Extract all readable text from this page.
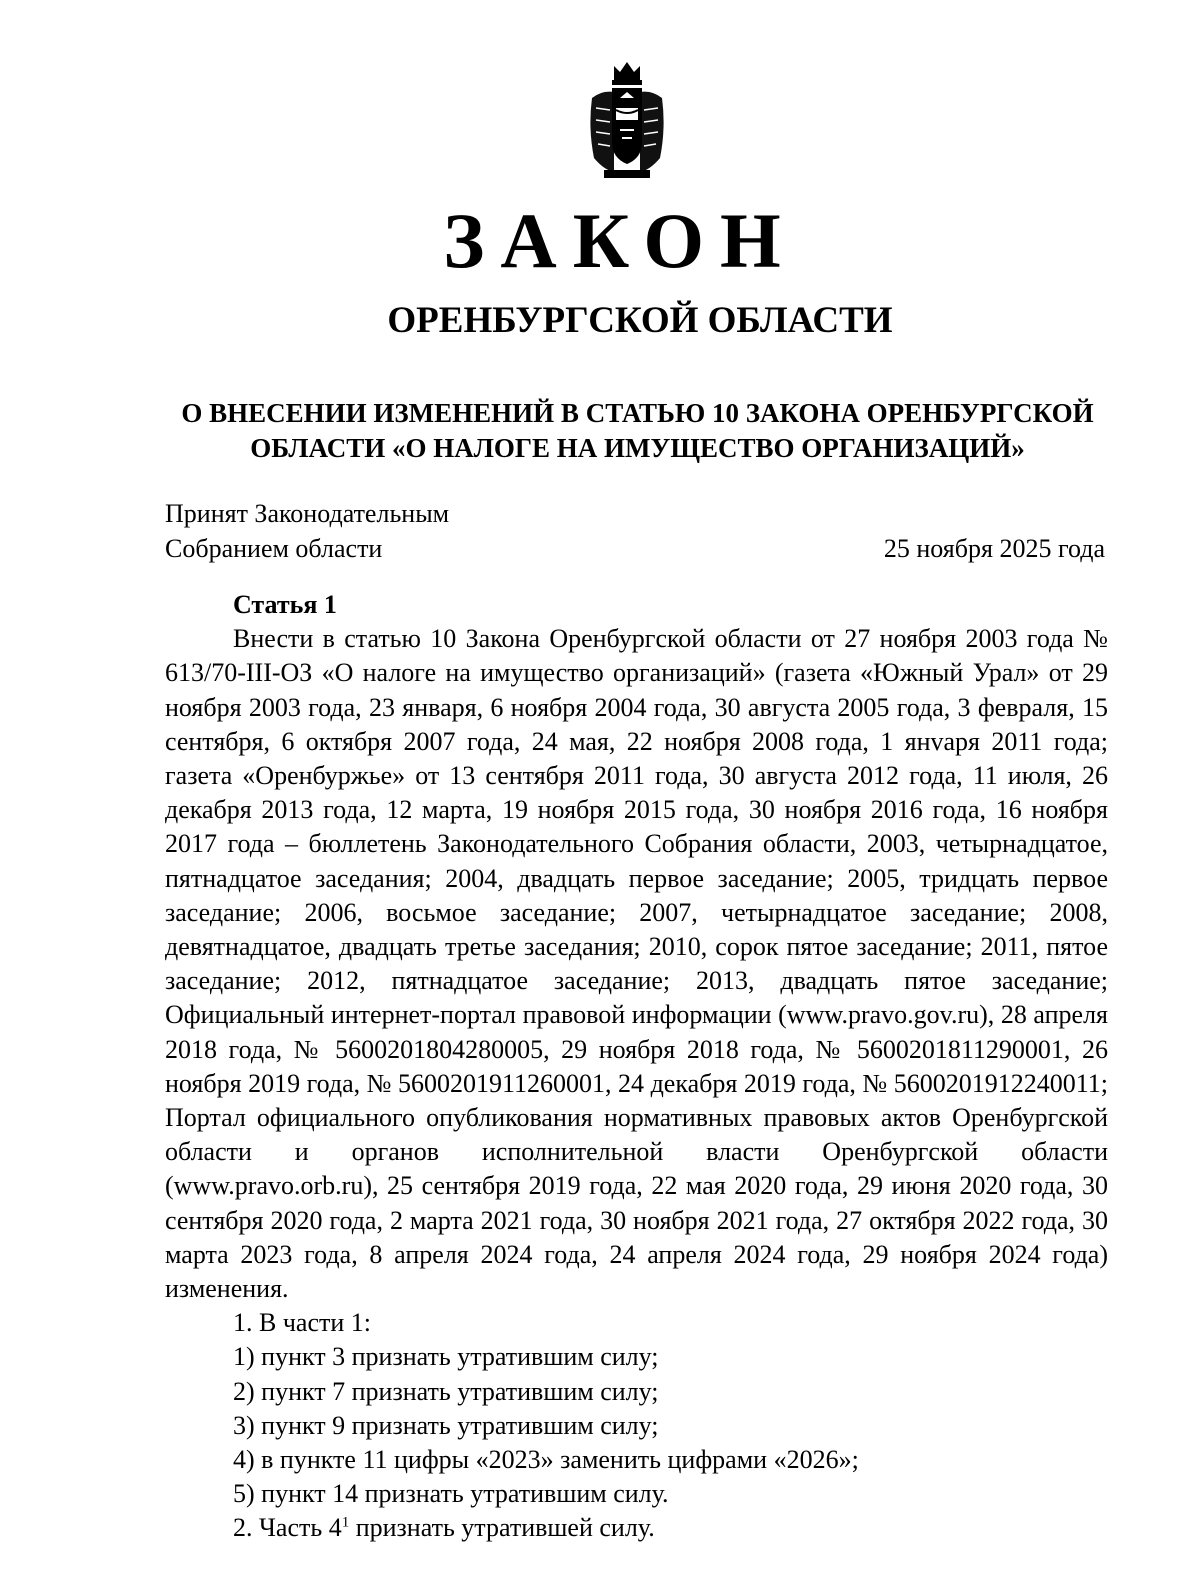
ЗАКОН
ОРЕНБУРГСКОЙ ОБЛАСТИ
О ВНЕСЕНИИ ИЗМЕНЕНИЙ В СТАТЬЮ 10 ЗАКОНА ОРЕНБУРГСКОЙ
ОБЛАСТИ «О НАЛОГЕ НА ИМУЩЕСТВО ОРГАНИЗАЦИЙ»
Принят Законодательным
Собранием области	25 ноября 2025 года
Статья 1

Внести в статью 10 Закона Оренбургской области от 27 ноября 2003 года № 613/70-III-ОЗ «О налоге на имущество организаций» (газета «Южный Урал» от 29 ноября 2003 года, 23 января, 6 ноября 2004 года, 30 августа 2005 года, 3 февраля, 15 сентября, 6 октября 2007 года, 24 мая, 22 ноября 2008 года, 1 янvаря 2011 года; газета «Оренбуржье» от 13 сентября 2011 года, 30 августа 2012 года, 11 июля, 26 декабря 2013 года, 12 марта, 19 ноября 2015 года, 30 ноября 2016 года, 16 ноября 2017 года – бюллетень Законодательного Собрания области, 2003, четырнадцатое, пятнадцатое заседания; 2004, двадцать первое заседание; 2005, тридцать первое заседание; 2006, восьмое заседание; 2007, четырнадцатое заседание; 2008, девятнадцатое, двадцать третье заседания; 2010, сорок пятое заседание; 2011, пятое заседание; 2012, пятнадцатое заседание; 2013, двадцать пятое заседание; Официальный интернет-портал правовой информации (www.pravo.gov.ru), 28 апреля 2018 года, № 5600201804280005, 29 ноября 2018 года, № 5600201811290001, 26 ноября 2019 года, № 5600201911260001, 24 декабря 2019 года, № 5600201912240011; Портал официального опубликования нормативных правовых актов Оренбургской области и органов исполнительной власти Оренбургской области (www.pravo.orb.ru), 25 сентября 2019 года, 22 мая 2020 года, 29 июня 2020 года, 30 сентября 2020 года, 2 марта 2021 года, 30 ноября 2021 года, 27 октября 2022 года, 30 марта 2023 года, 8 апреля 2024 года, 24 апреля 2024 года, 29 ноября 2024 года) изменения.

1. В части 1:

1) пункт 3 признать утратившим силу;

2) пункт 7 признать утратившим силу;

3) пункт 9 признать утратившим силу;

4) в пункте 11 цифры «2023» заменить цифрами «2026»;

5) пункт 14 признать утратившим силу.

2. Часть $4^1$ признать утратившей силу.
